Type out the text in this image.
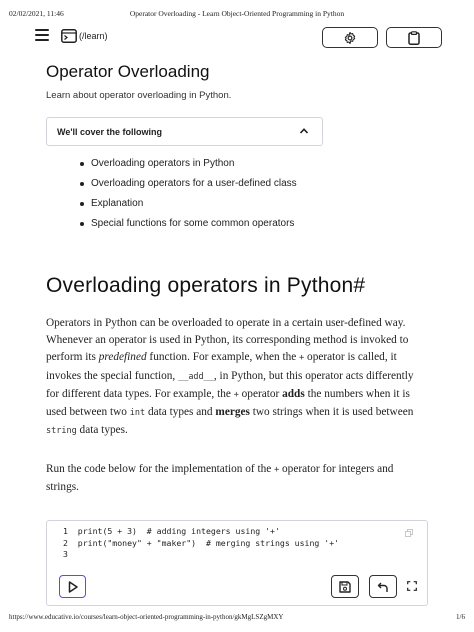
02/02/2021, 11:46	Operator Overloading - Learn Object-Oriented Programming in Python
(/learn)
Operator Overloading
Learn about operator overloading in Python.
We'll cover the following
Overloading operators in Python
Overloading operators for a user-defined class
Explanation
Special functions for some common operators
Overloading operators in Python#
Operators in Python can be overloaded to operate in a certain user-defined way. Whenever an operator is used in Python, its corresponding method is invoked to perform its predefined function. For example, when the + operator is called, it invokes the special function, __add__, in Python, but this operator acts differently for different data types. For example, the + operator adds the numbers when it is used between two int data types and merges two strings when it is used between string data types.
Run the code below for the implementation of the + operator for integers and strings.
1 print(5 + 3)  # adding integers using '+'
2 print("money" + "maker")  # merging strings using '+'
3
https://www.educative.io/courses/learn-object-oriented-programming-in-python/gkMgLSZgMXY	1/6
